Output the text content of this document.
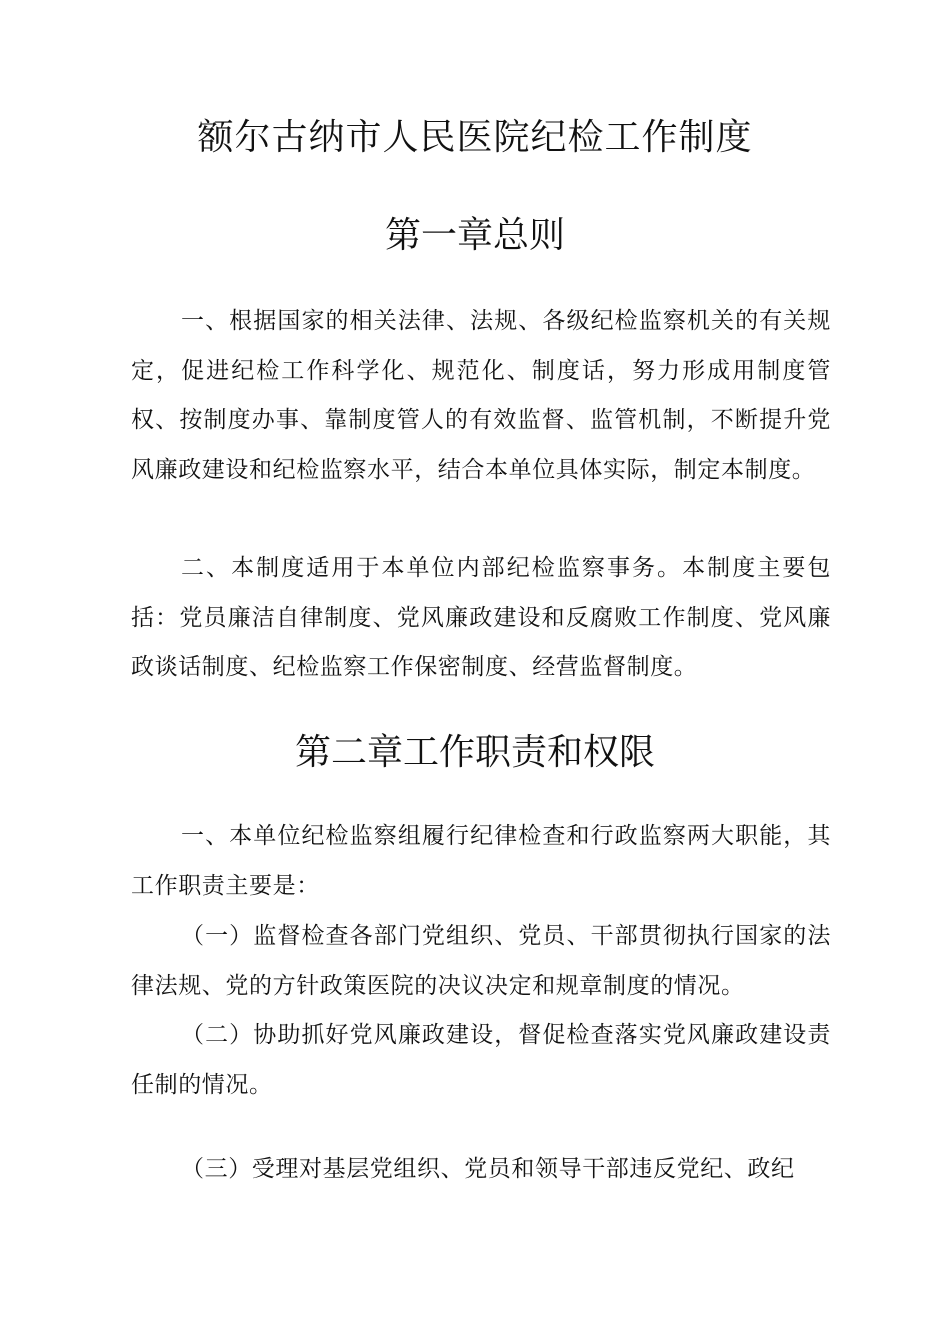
额尔古纳市人民医院纪检工作制度
第一章总则

一、根据国家的相关法律、法规、各级纪检监察机关的有关规定，促进纪检工作科学化、规范化、制度话，努力形成用制度管权、按制度办事、靠制度管人的有效监督、监管机制，不断提升党风廉政建设和纪检监察水平，结合本单位具体实际，制定本制度。

二、本制度适用于本单位内部纪检监察事务。本制度主要包括：党员廉洁自律制度、党风廉政建设和反腐败工作制度、党风廉政谈话制度、纪检监察工作保密制度、经营监督制度。

第二章工作职责和权限

一、本单位纪检监察组履行纪律检查和行政监察两大职能，其工作职责主要是：

（一）监督检查各部门党组织、党员、干部贯彻执行国家的法律法规、党的方针政策医院的决议决定和规章制度的情况。

（二）协助抓好党风廉政建设，督促检查落实党风廉政建设责任制的情况。

（三）受理对基层党组织、党员和领导干部违反党纪、政纪
